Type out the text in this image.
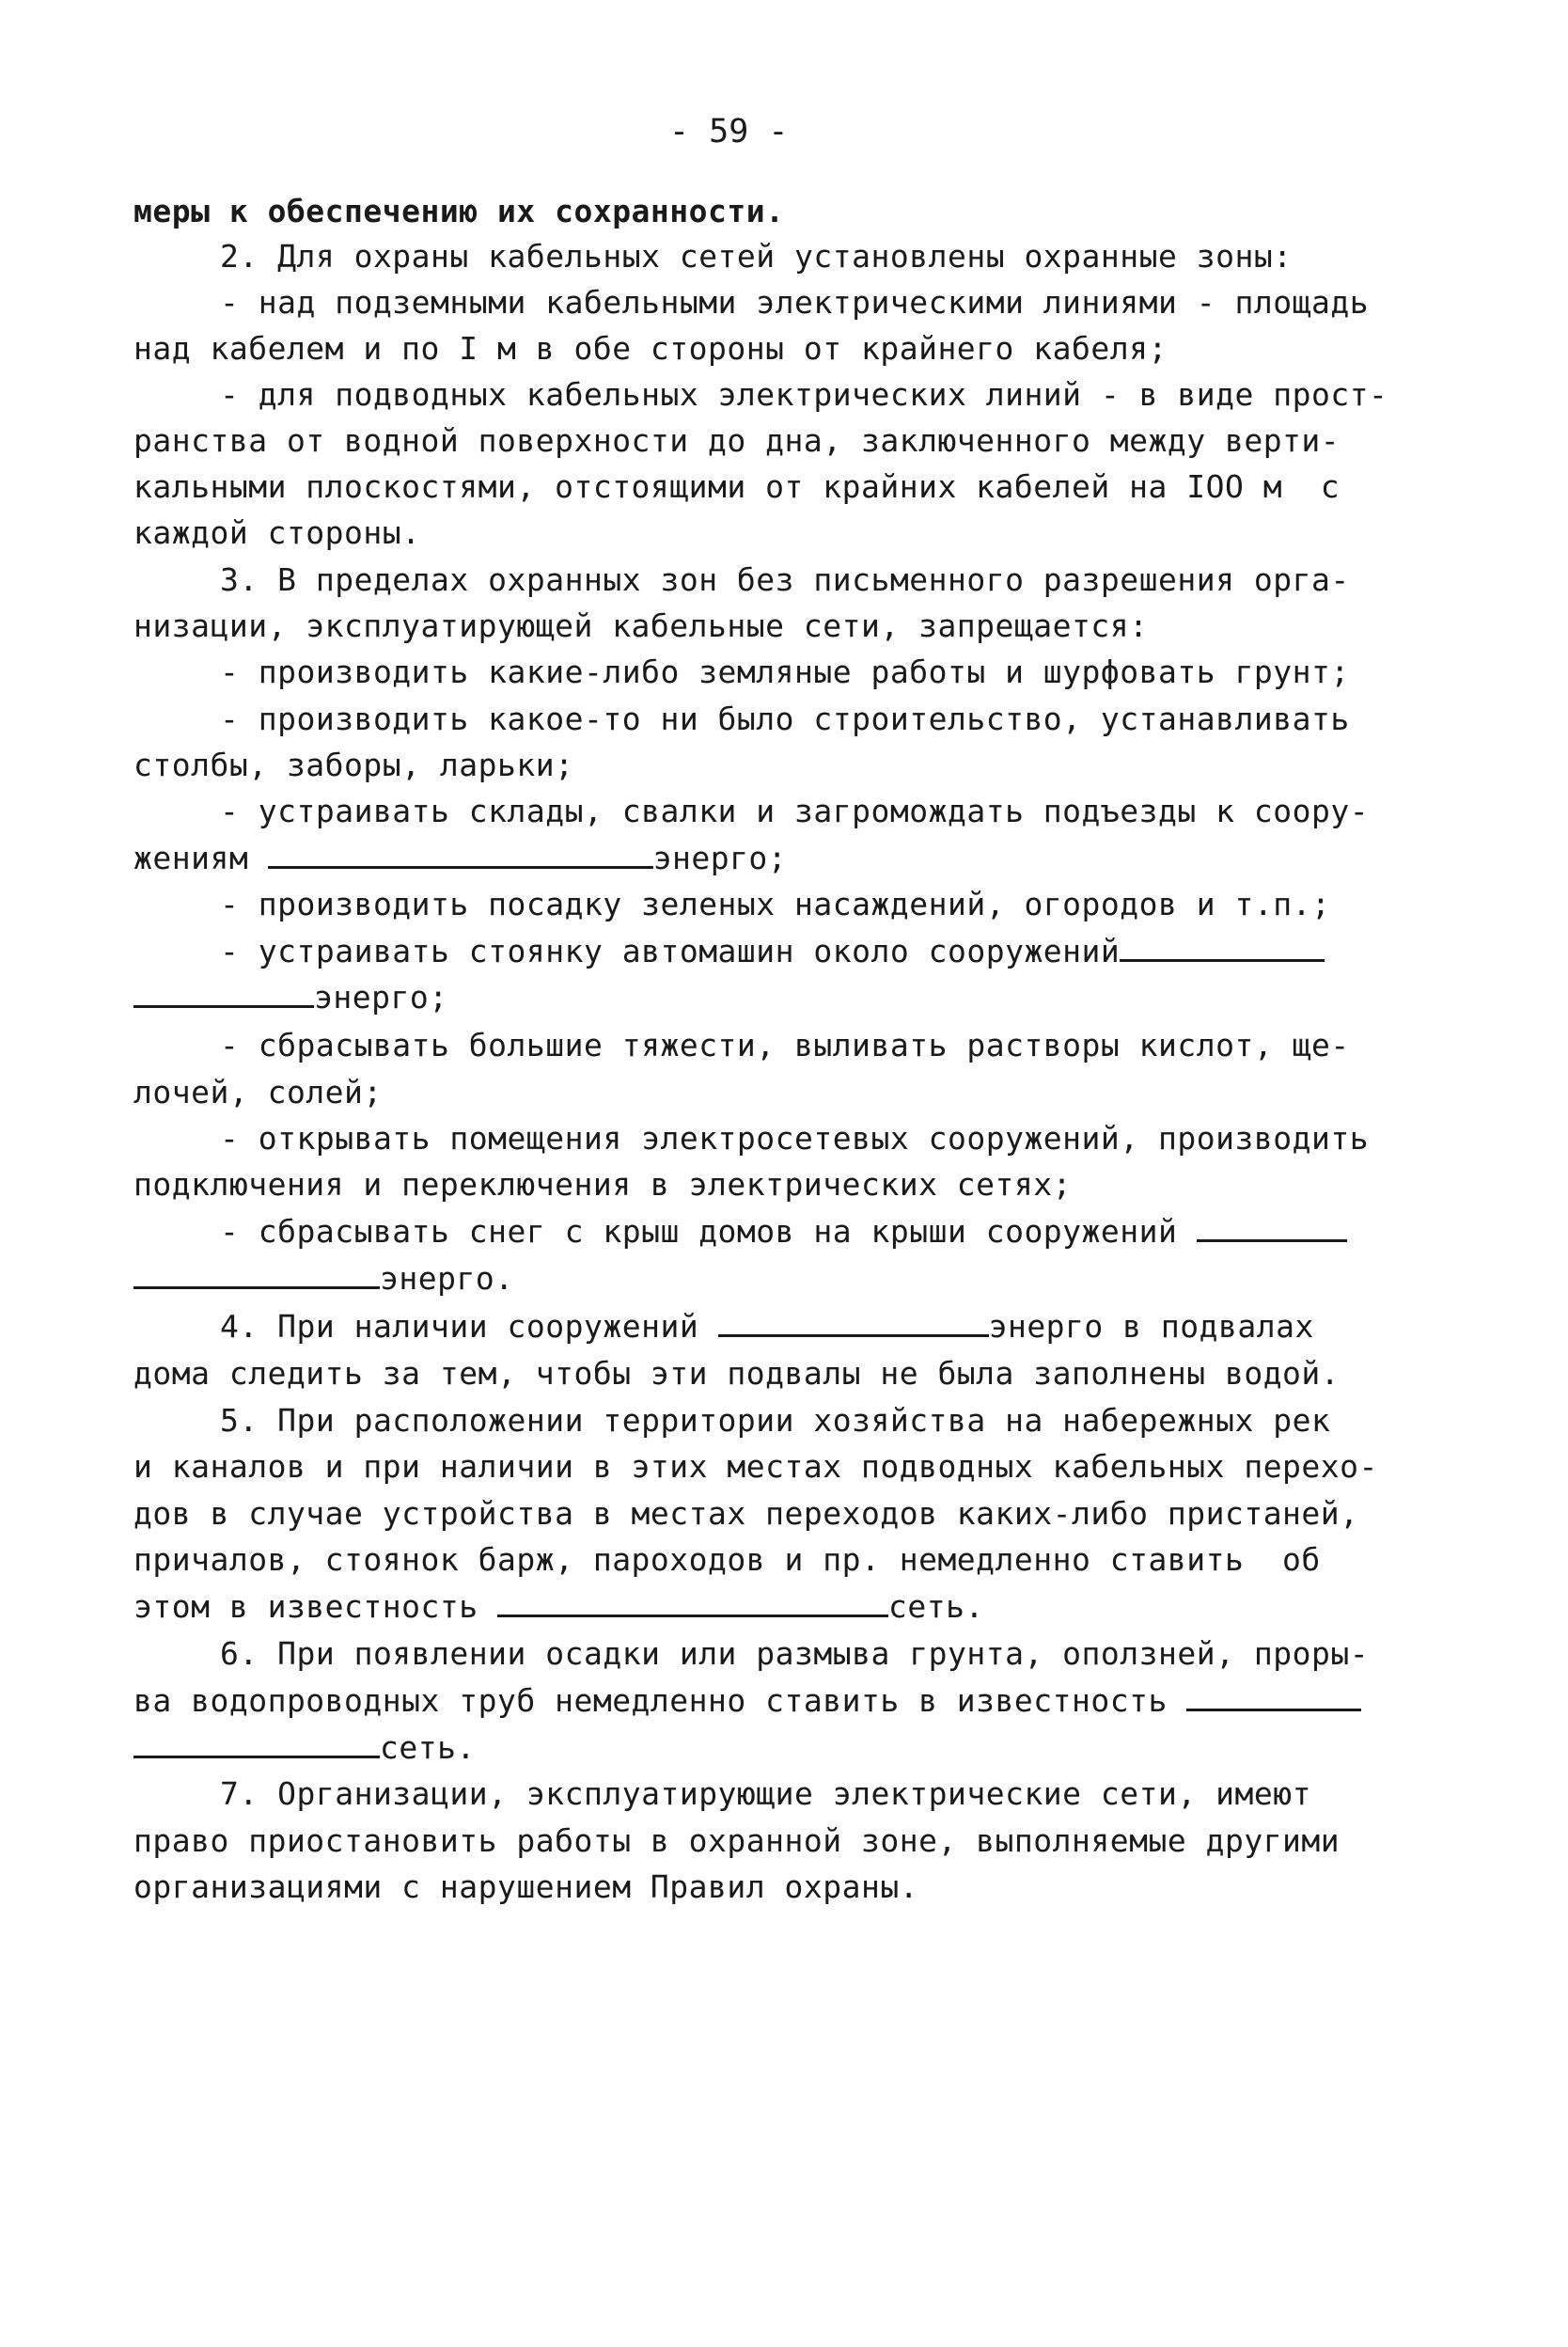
- 59 -
меры к обеспечению их сохранности.
2. Для охраны кабельных сетей установлены охранные зоны:
- над подземными кабельными электрическими линиями - площадь
над кабелем и по I м в обе стороны от крайнего кабеля;
- для подводных кабельных электрических линий - в виде прост-
ранства от водной поверхности до дна, заключенного между верти-
кальными плоскостями, отстоящими от крайних кабелей на IOO м  с
каждой стороны.
3. В пределах охранных зон без письменного разрешения орга-
низации, эксплуатирующей кабельные сети, запрещается:
- производить какие-либо земляные работы и шурфовать грунт;
- производить какое-то ни было строительство, устанавливать
столбы, заборы, ларьки;
- устраивать склады, свалки и загромождать подъезды к соору-
жениям	энерго;
- производить посадку зеленых насаждений, огородов и т.п.;
- устраивать стоянку автомашин около сооружений
энерго;
- сбрасывать большие тяжести, выливать растворы кислот, ще-
лочей, солей;
- открывать помещения электросетевых сооружений, производить
подключения и переключения в электрических сетях;
- сбрасывать снег с крыш домов на крыши сооружений
энерго.
4. При наличии сооружений	энерго в подвалах
дома следить за тем, чтобы эти подвалы не была заполнены водой.
5. При расположении территории хозяйства на набережных рек
и каналов и при наличии в этих местах подводных кабельных перехо-
дов в случае устройства в местах переходов каких-либо пристаней,
причалов, стоянок барж, пароходов и пр. немедленно ставить  об
этом в известность	сеть.
6. При появлении осадки или размыва грунта, оползней, проры-
ва водопроводных труб немедленно ставить в известность
сеть.
7. Организации, эксплуатирующие электрические сети, имеют
право приостановить работы в охранной зоне, выполняемые другими
организациями с нарушением Правил охраны.
